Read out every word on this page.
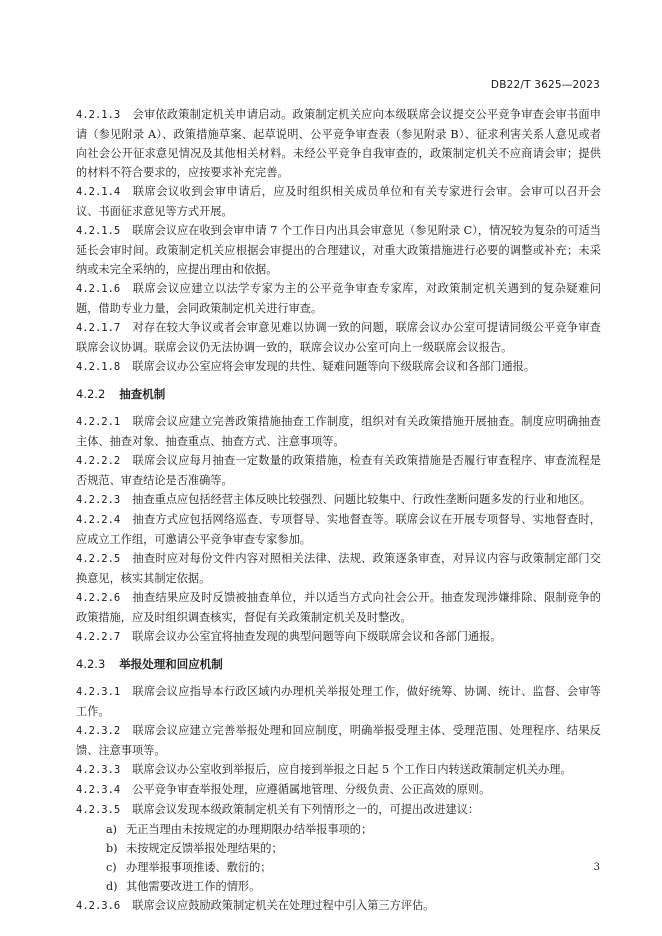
DB22/T 3625—2023
4.2.1.3 会审依政策制定机关申请启动。政策制定机关应向本级联席会议提交公平竞争审查会审书面申请（参见附录 A）、政策措施草案、起草说明、公平竞争审查表（参见附录 B）、征求利害关系人意见或者向社会公开征求意见情况及其他相关材料。未经公平竞争自我审查的，政策制定机关不应商请会审；提供的材料不符合要求的，应按要求补充完善。
4.2.1.4 联席会议收到会审申请后，应及时组织相关成员单位和有关专家进行会审。会审可以召开会议、书面征求意见等方式开展。
4.2.1.5 联席会议应在收到会审申请 7 个工作日内出具会审意见（参见附录 C），情况较为复杂的可适当延长会审时间。政策制定机关应根据会审提出的合理建议，对重大政策措施进行必要的调整或补充；未采纳或未完全采纳的，应提出理由和依据。
4.2.1.6 联席会议应建立以法学专家为主的公平竞争审查专家库，对政策制定机关遇到的复杂疑难问题，借助专业力量，会同政策制定机关进行审查。
4.2.1.7 对存在较大争议或者会审意见难以协调一致的问题，联席会议办公室可提请同级公平竞争审查联席会议协调。联席会议仍无法协调一致的，联席会议办公室可向上一级联席会议报告。
4.2.1.8 联席会议办公室应将会审发现的共性、疑难问题等向下级联席会议和各部门通报。
4.2.2 抽查机制
4.2.2.1 联席会议应建立完善政策措施抽查工作制度，组织对有关政策措施开展抽查。制度应明确抽查主体、抽查对象、抽查重点、抽查方式、注意事项等。
4.2.2.2 联席会议应每月抽查一定数量的政策措施，检查有关政策措施是否履行审查程序、审查流程是否规范、审查结论是否准确等。
4.2.2.3 抽查重点应包括经营主体反映比较强烈、问题比较集中、行政性垄断问题多发的行业和地区。
4.2.2.4 抽查方式应包括网络巡查、专项督导、实地督查等。联席会议在开展专项督导、实地督查时，应成立工作组，可邀请公平竞争审查专家参加。
4.2.2.5 抽查时应对每份文件内容对照相关法律、法规、政策逐条审查，对异议内容与政策制定部门交换意见，核实其制定依据。
4.2.2.6 抽查结果应及时反馈被抽查单位，并以适当方式向社会公开。抽查发现涉嫌排除、限制竞争的政策措施，应及时组织调查核实，督促有关政策制定机关及时整改。
4.2.2.7 联席会议办公室宜将抽查发现的典型问题等向下级联席会议和各部门通报。
4.2.3 举报处理和回应机制
4.2.3.1 联席会议应指导本行政区域内办理机关举报处理工作，做好统筹、协调、统计、监督、会审等工作。
4.2.3.2 联席会议应建立完善举报处理和回应制度，明确举报受理主体、受理范围、处理程序、结果反馈、注意事项等。
4.2.3.3 联席会议办公室收到举报后，应自接到举报之日起 5 个工作日内转送政策制定机关办理。
4.2.3.4 公平竞争审查举报处理，应遵循属地管理、分级负责、公正高效的原则。
4.2.3.5 联席会议发现本级政策制定机关有下列情形之一的，可提出改进建议：
a) 无正当理由未按规定的办理期限办结举报事项的；
b) 未按规定反馈举报处理结果的；
c) 办理举报事项推诿、敷衍的；
d) 其他需要改进工作的情形。
4.2.3.6 联席会议应鼓励政策制定机关在处理过程中引入第三方评估。
3
